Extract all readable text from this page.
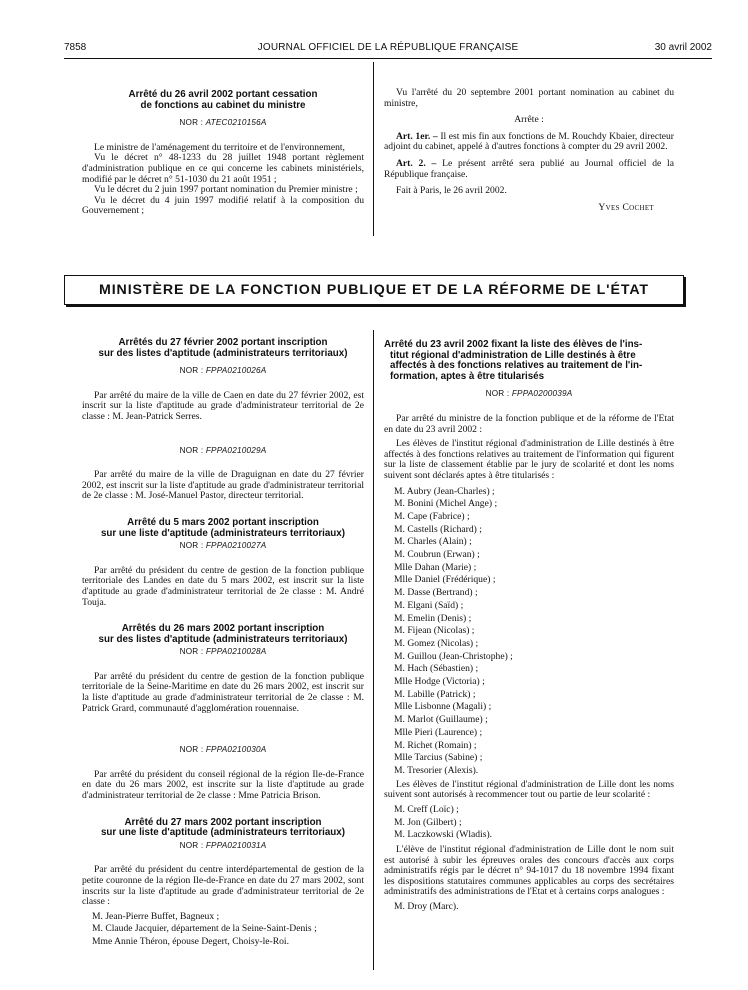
7858	JOURNAL OFFICIEL DE LA RÉPUBLIQUE FRANÇAISE	30 avril 2002
Arrêté du 26 avril 2002 portant cessation
de fonctions au cabinet du ministre
NOR : ATEC0210156A

Le ministre de l'aménagement du territoire et de l'environnement,

Vu le décret n° 48-1233 du 28 juillet 1948 portant règlement d'administration publique en ce qui concerne les cabinets ministériels, modifié par le décret n° 51-1030 du 21 août 1951 ;

Vu le décret du 2 juin 1997 portant nomination du Premier ministre ;

Vu le décret du 4 juin 1997 modifié relatif à la composition du Gouvernement ;

Vu l'arrêté du 20 septembre 2001 portant nomination au cabinet du ministre,

Arrête :

Art. 1er. – Il est mis fin aux fonctions de M. Rouchdy Kbaier, directeur adjoint du cabinet, appelé à d'autres fonctions à compter du 29 avril 2002.

Art. 2. – Le présent arrêté sera publié au Journal officiel de la République française.

Fait à Paris, le 26 avril 2002.

Yves Cochet

MINISTÈRE DE LA FONCTION PUBLIQUE ET DE LA RÉFORME DE L'ÉTAT
Arrêtés du 27 février 2002 portant inscription
sur des listes d'aptitude (administrateurs territoriaux)
NOR : FPPA0210026A

Par arrêté du maire de la ville de Caen en date du 27 février 2002, est inscrit sur la liste d'aptitude au grade d'administrateur territorial de 2e classe : M. Jean-Patrick Serres.

NOR : FPPA0210029A

Par arrêté du maire de la ville de Draguignan en date du 27 février 2002, est inscrit sur la liste d'aptitude au grade d'administrateur territorial de 2e classe : M. José-Manuel Pastor, directeur territorial.

Arrêté du 5 mars 2002 portant inscription
sur une liste d'aptitude (administrateurs territoriaux)
NOR : FPPA0210027A

Par arrêté du président du centre de gestion de la fonction publique territoriale des Landes en date du 5 mars 2002, est inscrit sur la liste d'aptitude au grade d'administrateur territorial de 2e classe : M. André Touja.

Arrêtés du 26 mars 2002 portant inscription
sur des listes d'aptitude (administrateurs territoriaux)
NOR : FPPA0210028A

Par arrêté du président du centre de gestion de la fonction publique territoriale de la Seine-Maritime en date du 26 mars 2002, est inscrit sur la liste d'aptitude au grade d'administrateur territorial de 2e classe : M. Patrick Grard, communauté d'agglomération rouennaise.

NOR : FPPA0210030A

Par arrêté du président du conseil régional de la région Ile-de-France en date du 26 mars 2002, est inscrite sur la liste d'aptitude au grade d'administrateur territorial de 2e classe : Mme Patricia Brison.

Arrêté du 27 mars 2002 portant inscription
sur une liste d'aptitude (administrateurs territoriaux)
NOR : FPPA0210031A

Par arrêté du président du centre interdépartemental de gestion de la petite couronne de la région Ile-de-France en date du 27 mars 2002, sont inscrits sur la liste d'aptitude au grade d'administrateur territorial de 2e classe :

M. Jean-Pierre Buffet, Bagneux ;

M. Claude Jacquier, département de la Seine-Saint-Denis ;

Mme Annie Théron, épouse Degert, Choisy-le-Roi.

Arrêté du 23 avril 2002 fixant la liste des élèves de l'ins-
titut régional d'administration de Lille destinés à être
affectés à des fonctions relatives au traitement de l'in-
formation, aptes à être titularisés
NOR : FPPA0200039A

Par arrêté du ministre de la fonction publique et de la réforme de l'Etat en date du 23 avril 2002 :

Les élèves de l'institut régional d'administration de Lille destinés à être affectés à des fonctions relatives au traitement de l'information qui figurent sur la liste de classement établie par le jury de scolarité et dont les noms suivent sont déclarés aptes à être titularisés :

M. Aubry (Jean-Charles) ;

M. Bonini (Michel Ange) ;

M. Cape (Fabrice) ;

M. Castells (Richard) ;

M. Charles (Alain) ;

M. Coubrun (Erwan) ;

Mlle Dahan (Marie) ;

Mlle Daniel (Frédérique) ;

M. Dasse (Bertrand) ;

M. Elgani (Saïd) ;

M. Emelin (Denis) ;

M. Fijean (Nicolas) ;

M. Gomez (Nicolas) ;

M. Guillou (Jean-Christophe) ;

M. Hach (Sébastien) ;

Mlle Hodge (Victoria) ;

M. Labille (Patrick) ;

Mlle Lisbonne (Magali) ;

M. Marlot (Guillaume) ;

Mlle Pieri (Laurence) ;

M. Richet (Romain) ;

Mlle Tarcius (Sabine) ;

M. Tresorier (Alexis).

Les élèves de l'institut régional d'administration de Lille dont les noms suivent sont autorisés à recommencer tout ou partie de leur scolarité :

M. Creff (Loïc) ;

M. Jon (Gilbert) ;

M. Laczkowski (Wladis).

L'élève de l'institut régional d'administration de Lille dont le nom suit est autorisé à subir les épreuves orales des concours d'accès aux corps administratifs régis par le décret n° 94-1017 du 18 novembre 1994 fixant les dispositions statutaires communes applicables au corps des secrétaires administratifs des administrations de l'Etat et à certains corps analogues :

M. Droy (Marc).
